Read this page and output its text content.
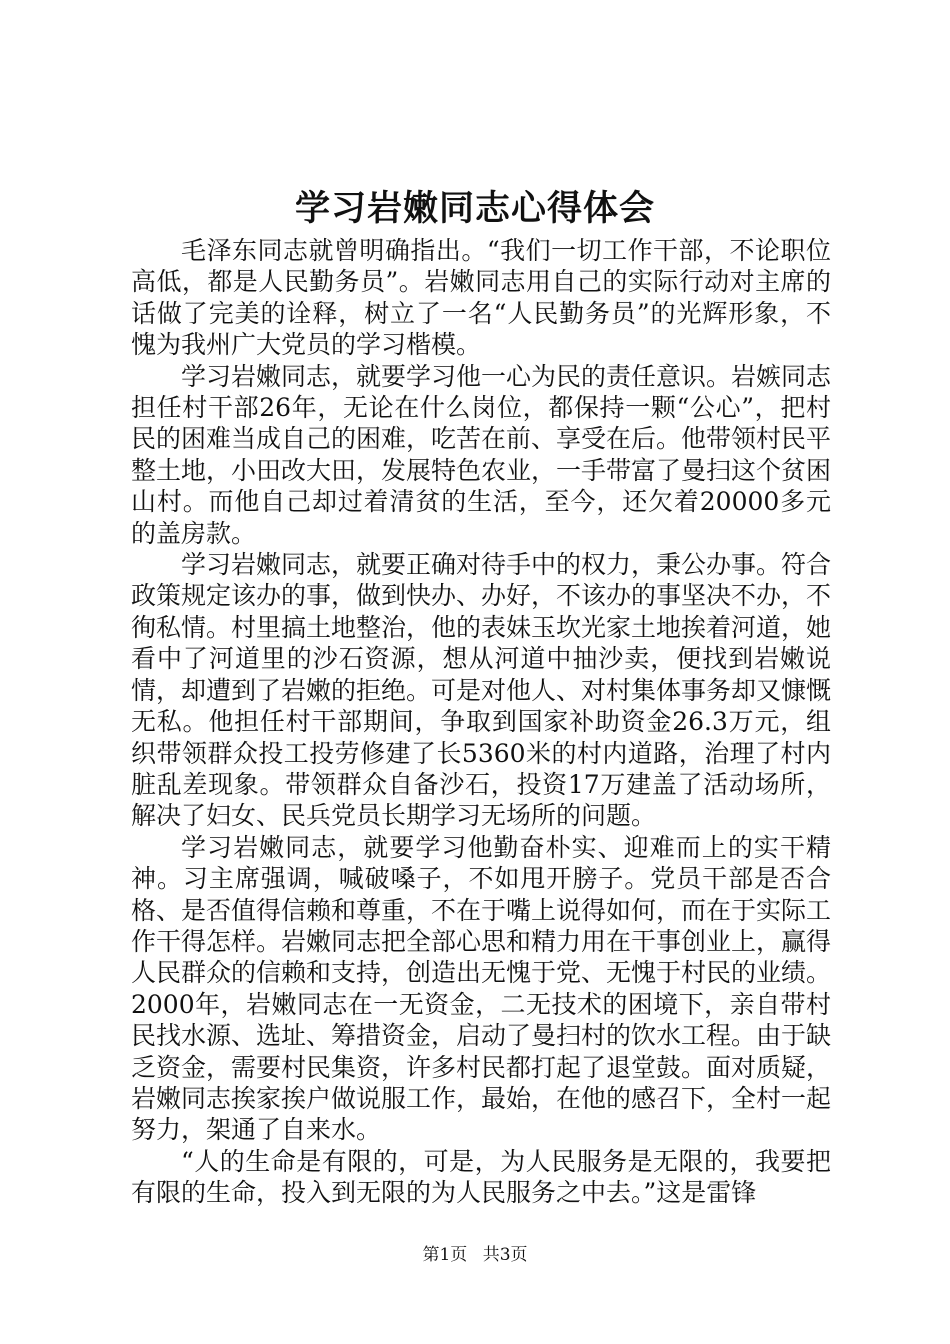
学习岩嫩同志心得体会

毛泽东同志就曾明确指出。“我们一切工作干部，不论职位高低，都是人民勤务员”。岩嫩同志用自己的实际行动对主席的话做了完美的诠释，树立了一名“人民勤务员”的光辉形象，不愧为我州广大党员的学习楷模。

学习岩嫩同志，就要学习他一心为民的责任意识。岩嫉同志担任村干部26年，无论在什么岗位，都保持一颗“公心”，把村民的困难当成自己的困难，吃苦在前、享受在后。他带领村民平整土地，小田改大田，发展特色农业，一手带富了曼扫这个贫困山村。而他自己却过着清贫的生活，至今，还欠着20000多元的盖房款。

学习岩嫩同志，就要正确对待手中的权力，秉公办事。符合政策规定该办的事，做到快办、办好，不该办的事坚决不办，不徇私情。村里搞土地整治，他的表妹玉坎光家土地挨着河道，她看中了河道里的沙石资源，想从河道中抽沙卖，便找到岩嫩说情，却遭到了岩嫩的拒绝。可是对他人、对村集体事务却又慷慨无私。他担任村干部期间，争取到国家补助资金26.3万元，组织带领群众投工投劳修建了长5360米的村内道路，治理了村内脏乱差现象。带领群众自备沙石，投资17万建盖了活动场所，解决了妇女、民兵党员长期学习无场所的问题。

学习岩嫩同志，就要学习他勤奋朴实、迎难而上的实干精神。习主席强调，喊破嗓子，不如甩开膀子。党员干部是否合格、是否值得信赖和尊重，不在于嘴上说得如何，而在于实际工作干得怎样。岩嫩同志把全部心思和精力用在干事创业上，赢得人民群众的信赖和支持，创造出无愧于党、无愧于村民的业绩。2000年，岩嫩同志在一无资金，二无技术的困境下，亲自带村民找水源、选址、筹措资金，启动了曼扫村的饮水工程。由于缺乏资金，需要村民集资，许多村民都打起了退堂鼓。面对质疑，岩嫩同志挨家挨户做说服工作，最始，在他的感召下，全村一起努力，架通了自来水。

“人的生命是有限的，可是，为人民服务是无限的，我要把有限的生命，投入到无限的为人民服务之中去。”这是雷锋

第1页 共3页
